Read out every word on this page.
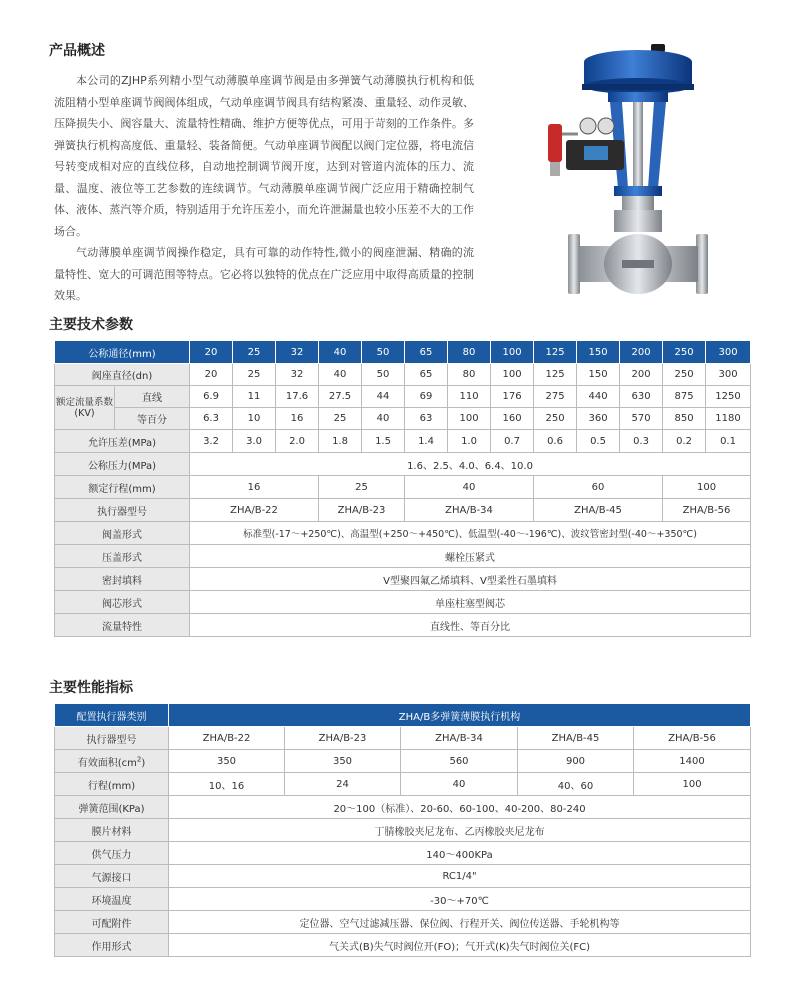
产品概述

本公司的ZJHP系列精小型气动薄膜单座调节阀是由多弹簧气动薄膜执行机构和低流阻精小型单座调节阀阀体组成，气动单座调节阀具有结构紧凑、重量轻、动作灵敏、压降损失小、阀容量大、流量特性精确、维护方便等优点，可用于苛刻的工作条件。多弹簧执行机构高度低、重量轻、装备简便。气动单座调节阀配以阀门定位器，将电流信号转变成相对应的直线位移，自动地控制调节阀开度，达到对管道内流体的压力、流量、温度、液位等工艺参数的连续调节。气动薄膜单座调节阀广泛应用于精确控制气体、液体、蒸汽等介质，特别适用于允许压差小，而允许泄漏量也较小压差不大的工作场合。

气动薄膜单座调节阀操作稳定，具有可靠的动作特性,微小的阀座泄漏、精确的流量特性、宽大的可调范围等特点。它必将以独特的优点在广泛应用中取得高质量的控制效果。

主要技术参数
公称通径(mm)		20	25	32	40	50	65	80	100	125	150	200	250	300
阀座直径(dn)		20	25	32	40	50	65	80	100	125	150	200	250	300
额定流量系数(KV)	直线	6.9	11	17.6	27.5	44	69	110	176	275	440	630	875	1250
	等百分	6.3	10	16	25	40	63	100	160	250	360	570	850	1180
允许压差(MPa)		3.2	3.0	2.0	1.8	1.5	1.4	1.0	0.7	0.6	0.5	0.3	0.2	0.1
公称压力(MPa)		1.6、2.5、4.0、6.4、10.0												
额定行程(mm)		16			25		40			60			100	
执行器型号		ZHA/B-22			ZHA/B-23		ZHA/B-34			ZHA/B-45			ZHA/B-56	
阀盖形式		标准型(-17～+250℃)、高温型(+250～+450℃)、低温型(-40～-196℃)、波纹管密封型(-40～+350℃)												
压盖形式		螺栓压紧式												
密封填料		V型聚四氟乙烯填料、V型柔性石墨填料												
阀芯形式		单座柱塞型阀芯												
流量特性		直线性、等百分比												
主要性能指标
配置执行器类别	ZHA/B多弹簧薄膜执行机构				
执行器型号	ZHA/B-22	ZHA/B-23	ZHA/B-34	ZHA/B-45	ZHA/B-56
有效面积$(cm^2)$	350	350	560	900	1400
行程(mm)	10、16	24	40	40、60	100
弹簧范围(KPa)	20～100（标准）、20-60、60-100、40-200、80-240				
膜片材料	丁腈橡胶夹尼龙布、乙丙橡胶夹尼龙布				
供气压力	140～400KPa				
气源接口	RC1/4"				
环境温度	-30～+70℃				
可配附件	定位器、空气过滤减压器、保位阀、行程开关、阀位传送器、手轮机构等				
作用形式	气关式(B)失气时阀位开(FO)；气开式(K)失气时阀位关(FC)				
